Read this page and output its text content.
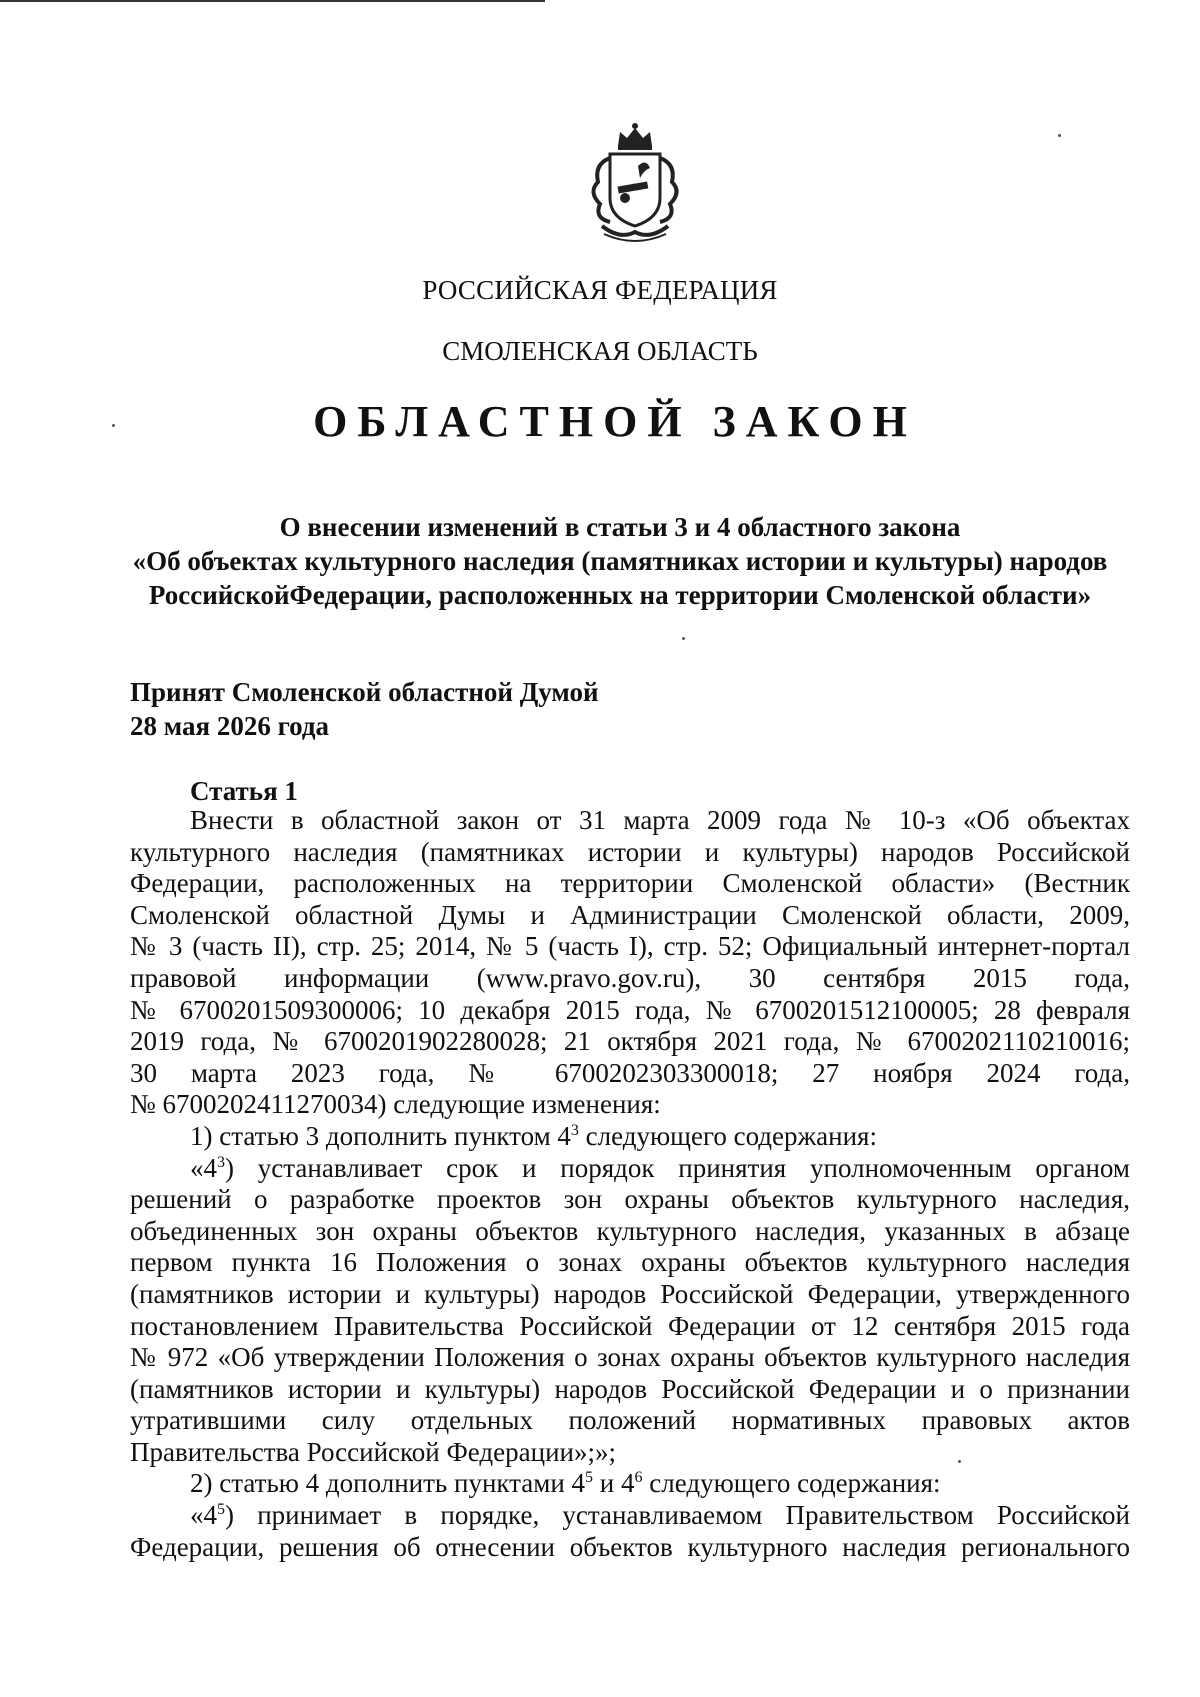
РОССИЙСКАЯ ФЕДЕРАЦИЯ
СМОЛЕНСКАЯ ОБЛАСТЬ
ОБЛАСТНОЙ ЗАКОН
О внесении изменений в статьи 3 и 4 областного закона
«Об объектах культурного наследия (памятниках истории и культуры) народов
РоссийскойФедерации, расположенных на территории Смоленской области»
Принят Смоленской областной Думой
28 мая 2026 года
Статья 1
Внести в областной закон от 31 марта 2009 года № 10-з «Об объектах
культурного наследия (памятниках истории и культуры) народов Российской
Федерации, расположенных на территории Смоленской области» (Вестник
Смоленской областной Думы и Администрации Смоленской области, 2009,
№ 3 (часть II), стр. 25; 2014, № 5 (часть I), стр. 52; Официальный интернет-портал
правовой информации (www.pravo.gov.ru), 30 сентября 2015 года,
№ 6700201509300006; 10 декабря 2015 года, № 6700201512100005; 28 февраля
2019 года, № 6700201902280028; 21 октября 2021 года, № 6700202110210016;
30 марта 2023 года, № 6700202303300018; 27 ноября 2024 года,
№ 6700202411270034) следующие изменения:
1) статью 3 дополнить пунктом $4^3$ следующего содержания:
«$4^3$) устанавливает срок и порядок принятия уполномоченным органом
решений о разработке проектов зон охраны объектов культурного наследия,
объединенных зон охраны объектов культурного наследия, указанных в абзаце
первом пункта 16 Положения о зонах охраны объектов культурного наследия
(памятников истории и культуры) народов Российской Федерации, утвержденного
постановлением Правительства Российской Федерации от 12 сентября 2015 года
№ 972 «Об утверждении Положения о зонах охраны объектов культурного наследия
(памятников истории и культуры) народов Российской Федерации и о признании
утратившими силу отдельных положений нормативных правовых актов
Правительства Российской Федерации»;»;
2) статью 4 дополнить пунктами $4^5$ и $4^6$ следующего содержания:
«$4^5$) принимает в порядке, устанавливаемом Правительством Российской
Федерации, решения об отнесении объектов культурного наследия регионального
